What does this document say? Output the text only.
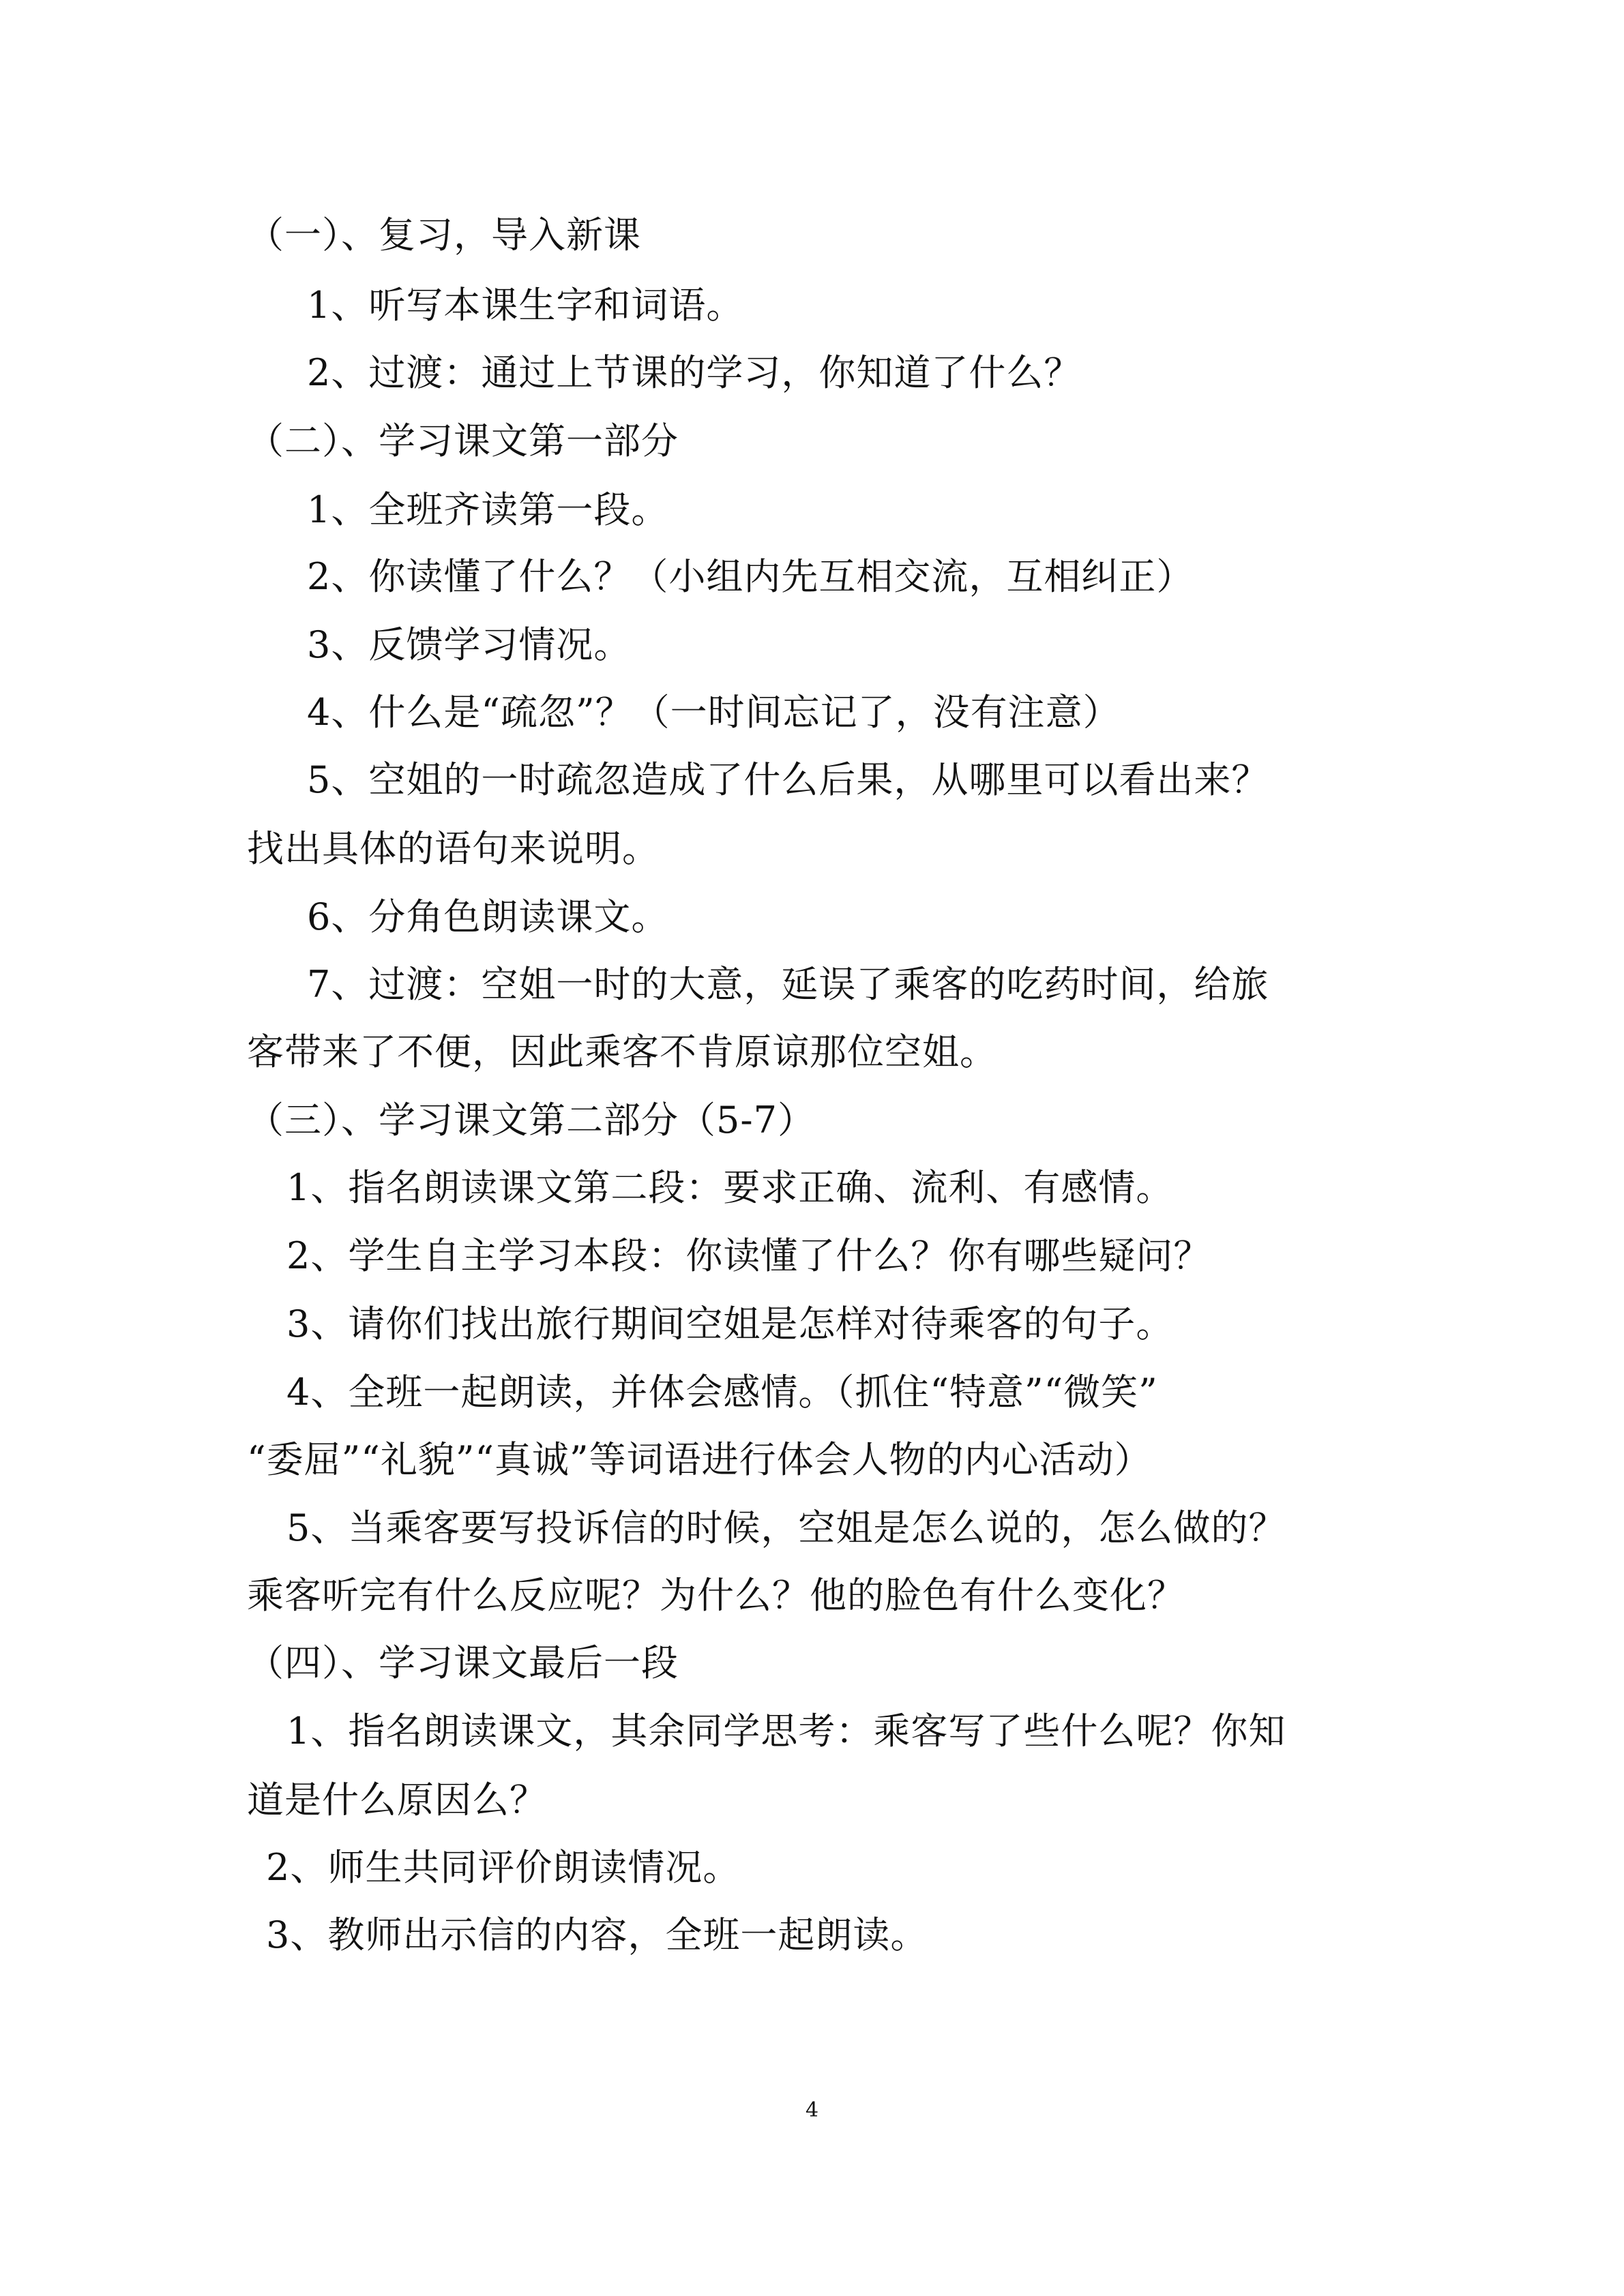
（一）、复习，导入新课
1、听写本课生字和词语。
2、过渡：通过上节课的学习，你知道了什么？
（二）、学习课文第一部分
1、全班齐读第一段。
2、你读懂了什么？（小组内先互相交流，互相纠正）
3、反馈学习情况。
4、什么是“疏忽”？（一时间忘记了，没有注意）
5、空姐的一时疏忽造成了什么后果，从哪里可以看出来？
找出具体的语句来说明。
6、分角色朗读课文。
7、过渡：空姐一时的大意，延误了乘客的吃药时间，给旅
客带来了不便，因此乘客不肯原谅那位空姐。
（三）、学习课文第二部分（5-7）
1、指名朗读课文第二段：要求正确、流利、有感情。
2、学生自主学习本段：你读懂了什么？你有哪些疑问？
3、请你们找出旅行期间空姐是怎样对待乘客的句子。
4、全班一起朗读，并体会感情。（抓住“特意”“微笑”
“委屈”“礼貌”“真诚”等词语进行体会人物的内心活动）
5、当乘客要写投诉信的时候，空姐是怎么说的，怎么做的？
乘客听完有什么反应呢？为什么？他的脸色有什么变化？
（四）、学习课文最后一段
1、指名朗读课文，其余同学思考：乘客写了些什么呢？你知
道是什么原因么？
2、师生共同评价朗读情况。
3、教师出示信的内容，全班一起朗读。
4
